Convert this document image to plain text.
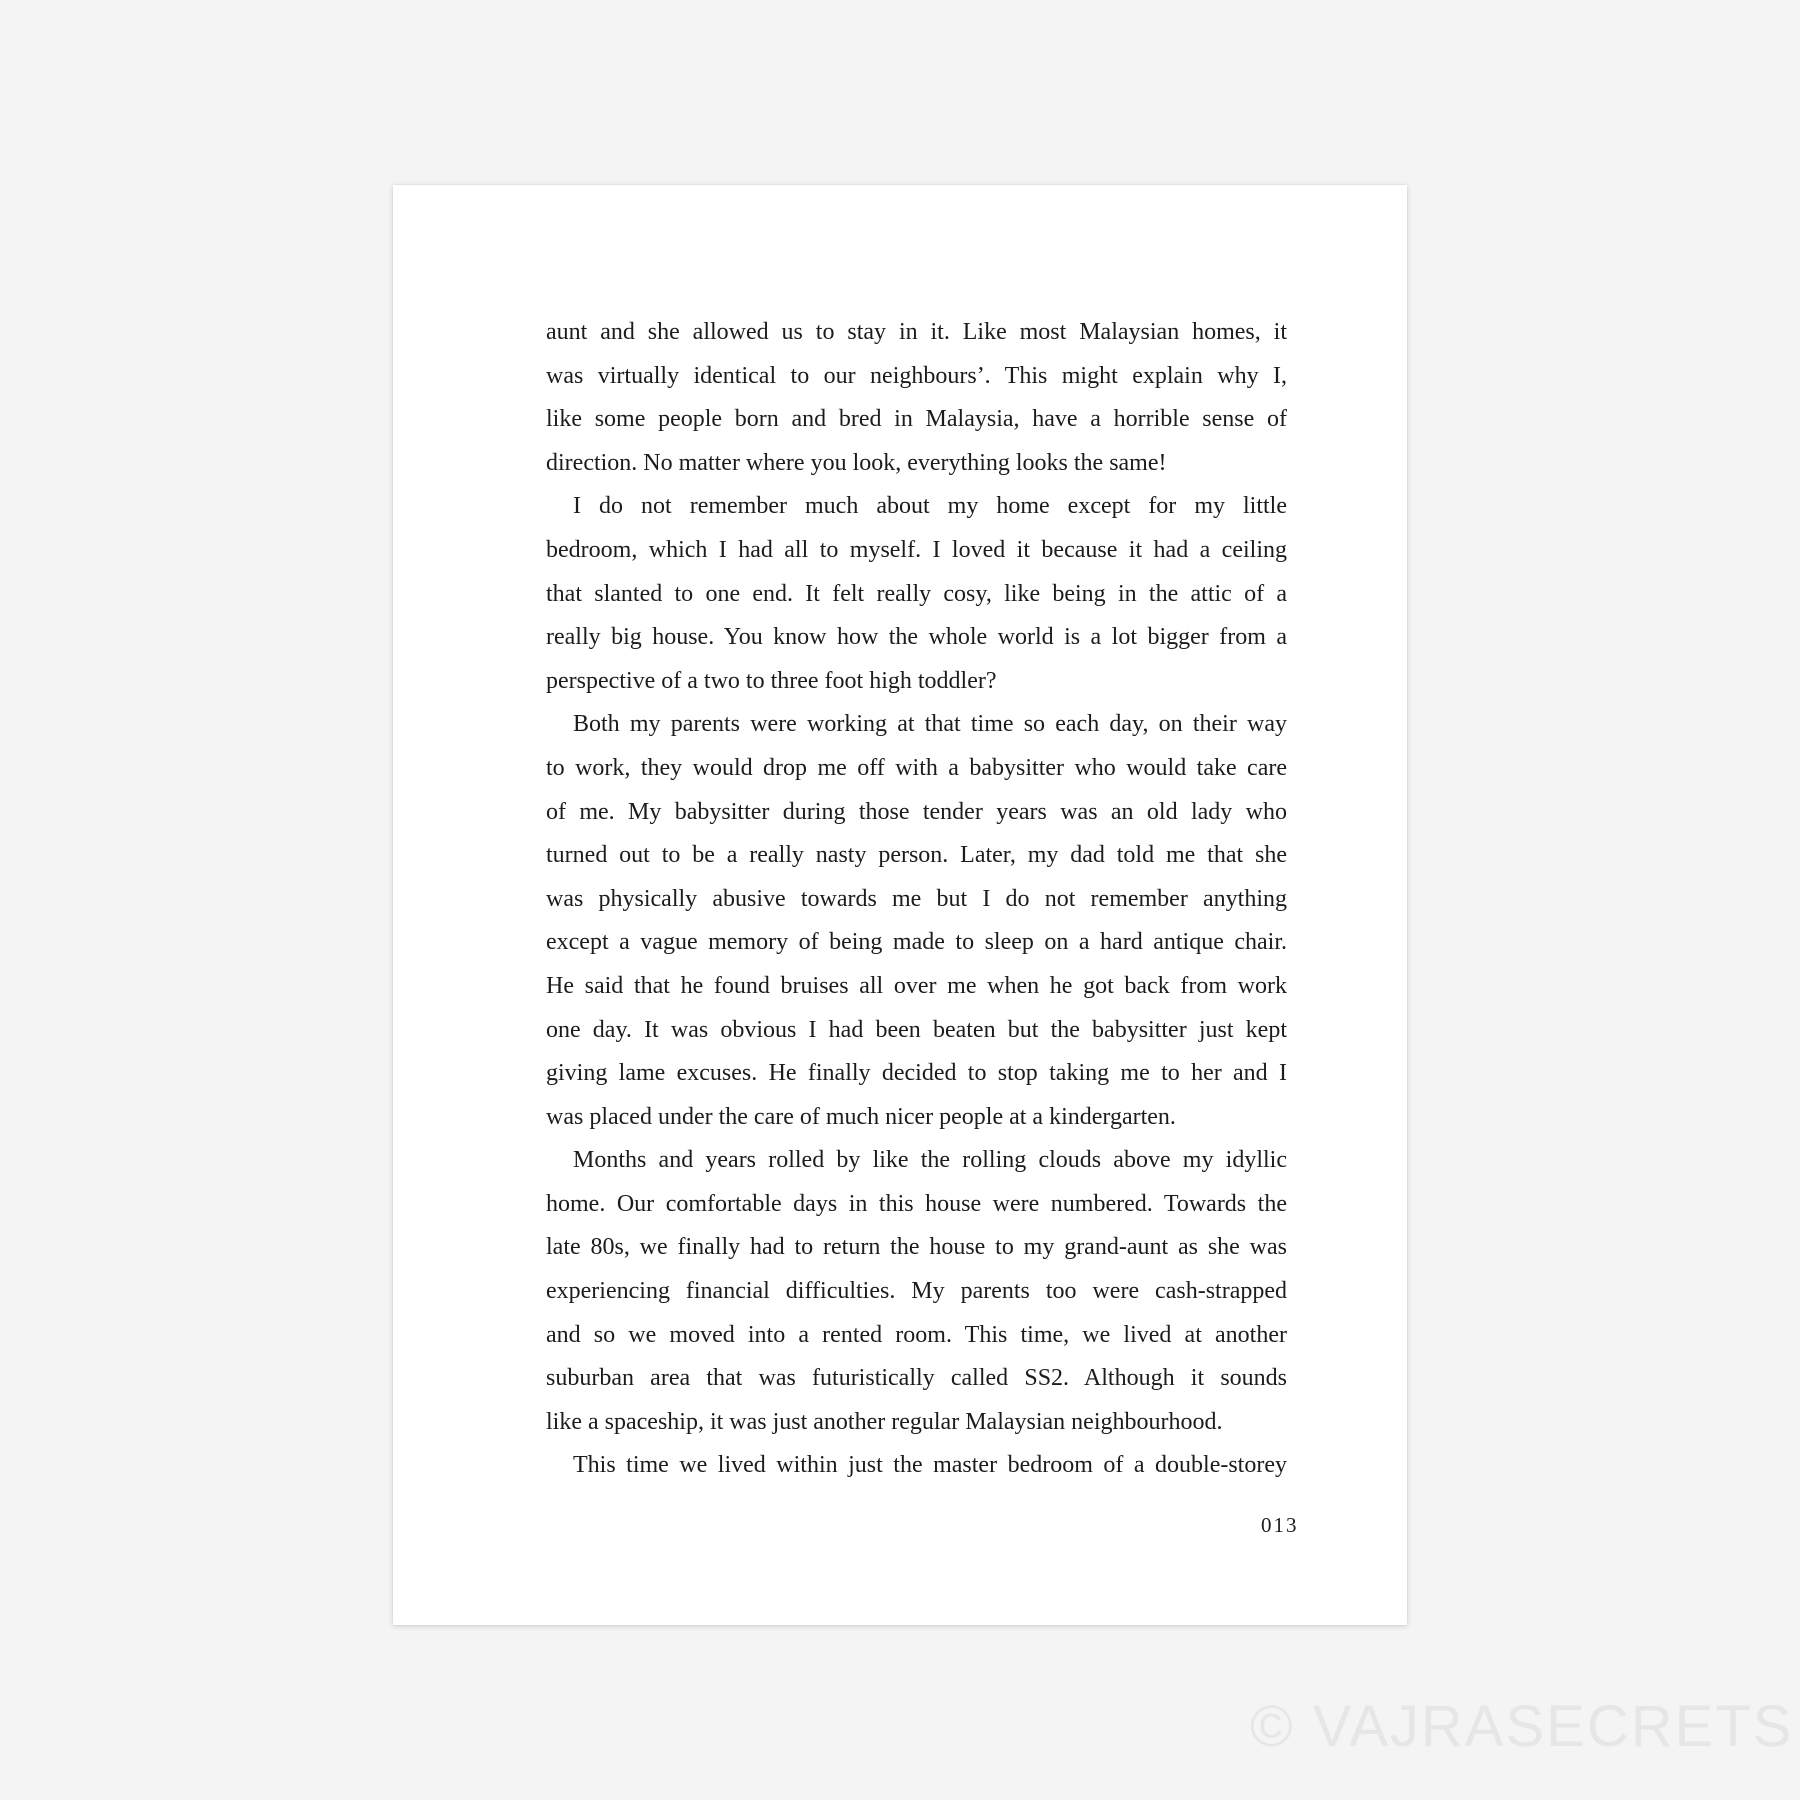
aunt and she allowed us to stay in it. Like most Malaysian homes, it
was virtually identical to our neighbours’. This might explain why I,
like some people born and bred in Malaysia, have a horrible sense of
direction. No matter where you look, everything looks the same!
I do not remember much about my home except for my little
bedroom, which I had all to myself. I loved it because it had a ceiling
that slanted to one end. It felt really cosy, like being in the attic of a
really big house. You know how the whole world is a lot bigger from a
perspective of a two to three foot high toddler?
Both my parents were working at that time so each day, on their way
to work, they would drop me off with a babysitter who would take care
of me. My babysitter during those tender years was an old lady who
turned out to be a really nasty person. Later, my dad told me that she
was physically abusive towards me but I do not remember anything
except a vague memory of being made to sleep on a hard antique chair.
He said that he found bruises all over me when he got back from work
one day. It was obvious I had been beaten but the babysitter just kept
giving lame excuses. He finally decided to stop taking me to her and I
was placed under the care of much nicer people at a kindergarten.
Months and years rolled by like the rolling clouds above my idyllic
home. Our comfortable days in this house were numbered. Towards the
late 80s, we finally had to return the house to my grand-aunt as she was
experiencing financial difficulties. My parents too were cash-strapped
and so we moved into a rented room. This time, we lived at another
suburban area that was futuristically called SS2. Although it sounds
like a spaceship, it was just another regular Malaysian neighbourhood.
This time we lived within just the master bedroom of a double-storey
013
© VAJRASECRETS
